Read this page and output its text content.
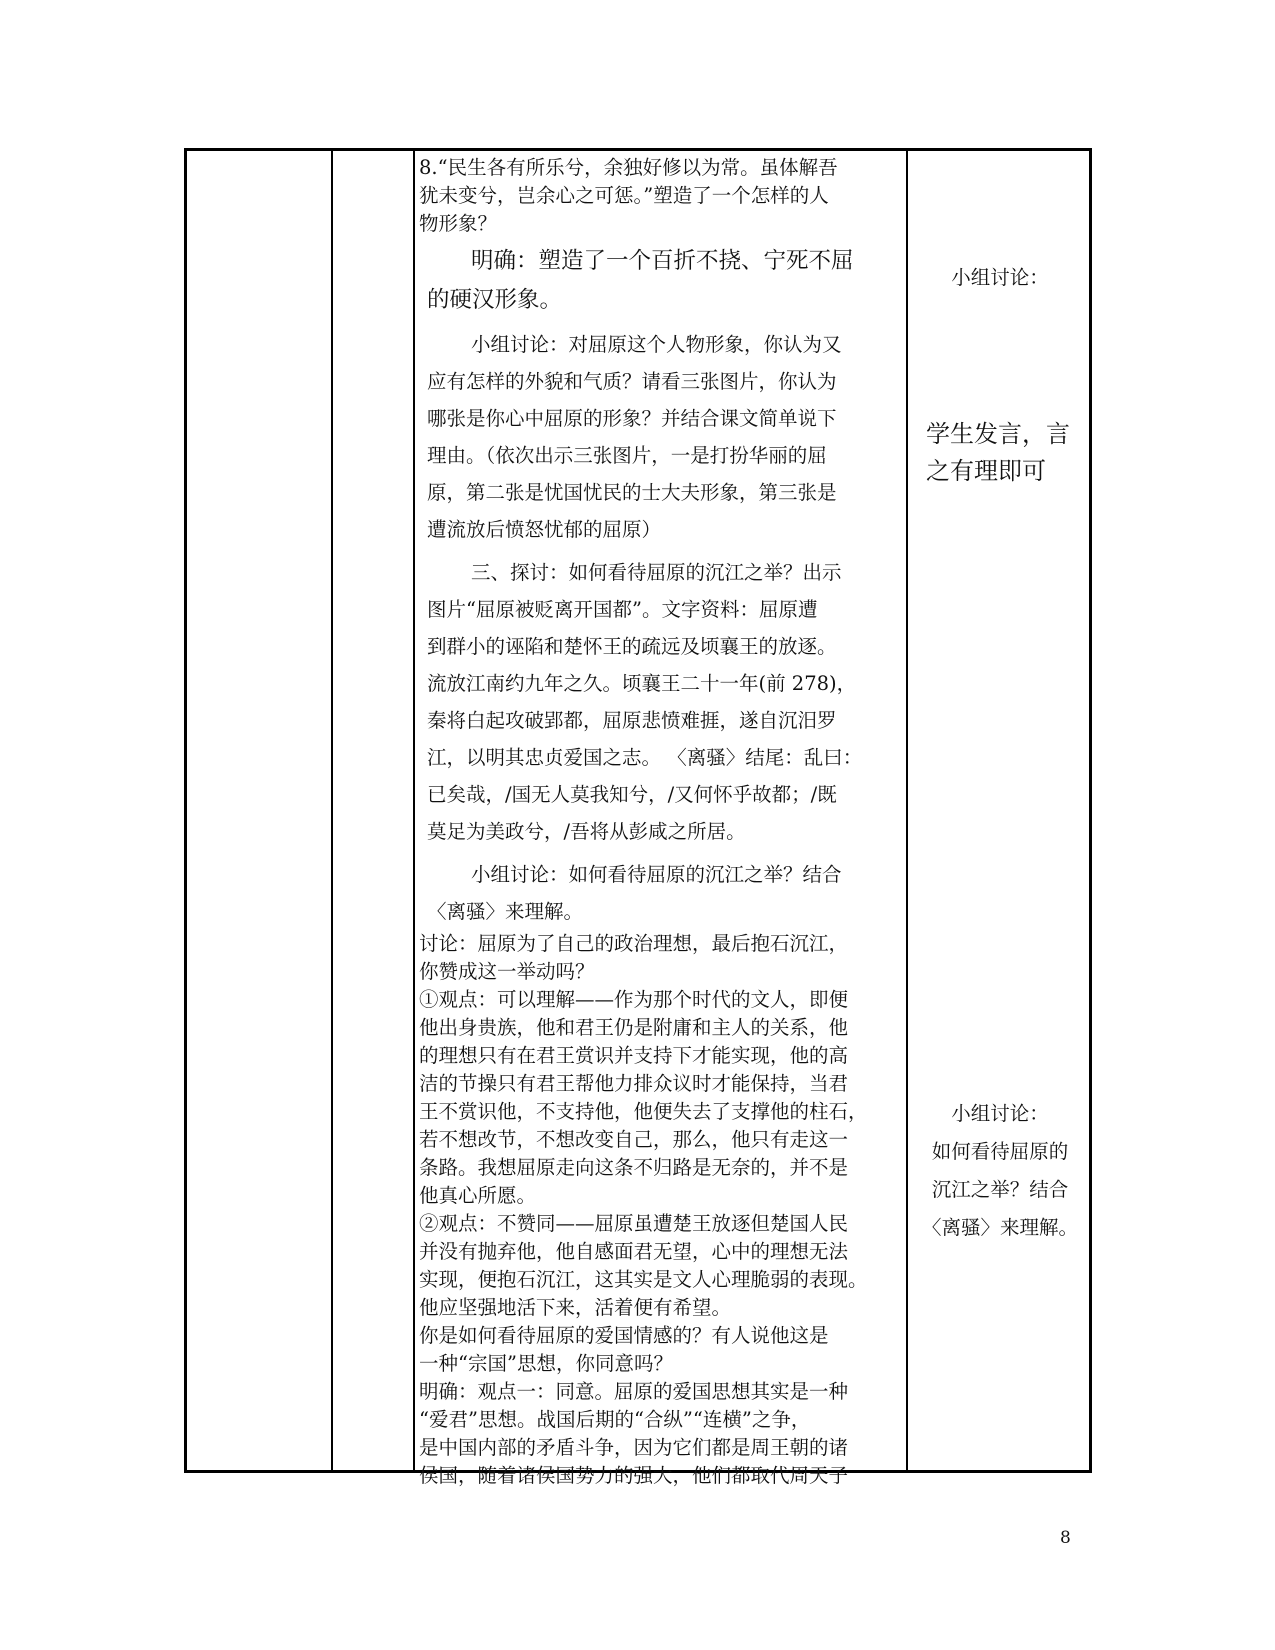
8.“民生各有所乐兮，余独好修以为常。虽体解吾

犹未变兮，岂余心之可惩。”塑造了一个怎样的人

物形象？

明确：塑造了一个百折不挠、宁死不屈

的硬汉形象。

小组讨论：对屈原这个人物形象，你认为又

应有怎样的外貌和气质？请看三张图片，你认为

哪张是你心中屈原的形象？并结合课文简单说下

理由。（依次出示三张图片，一是打扮华丽的屈

原，第二张是忧国忧民的士大夫形象，第三张是

遭流放后愤怒忧郁的屈原）

三、探讨：如何看待屈原的沉江之举？出示

图片“屈原被贬离开国都”。文字资料：屈原遭

到群小的诬陷和楚怀王的疏远及顷襄王的放逐。

流放江南约九年之久。顷襄王二十一年(前 278)，

秦将白起攻破郢都，屈原悲愤难捱，遂自沉汨罗

江，以明其忠贞爱国之志。 〈离骚〉结尾：乱曰：

已矣哉，/国无人莫我知兮，/又何怀乎故都；/既

莫足为美政兮，/吾将从彭咸之所居。

小组讨论：如何看待屈原的沉江之举？结合

〈离骚〉来理解。

讨论：屈原为了自己的政治理想，最后抱石沉江，

你赞成这一举动吗？

①观点：可以理解——作为那个时代的文人，即便

他出身贵族，他和君王仍是附庸和主人的关系，他

的理想只有在君王赏识并支持下才能实现，他的高

洁的节操只有君王帮他力排众议时才能保持，当君

王不赏识他，不支持他，他便失去了支撑他的柱石，

若不想改节，不想改变自己，那么，他只有走这一

条路。我想屈原走向这条不归路是无奈的，并不是

他真心所愿。

②观点：不赞同——屈原虽遭楚王放逐但楚国人民

并没有抛弃他，他自感面君无望，心中的理想无法

实现，便抱石沉江，这其实是文人心理脆弱的表现。

他应坚强地活下来，活着便有希望。

你是如何看待屈原的爱国情感的？有人说他这是

一种“宗国”思想，你同意吗？

明确：观点一：同意。屈原的爱国思想其实是一种

“爱君”思想。战国后期的“合纵”“连横”之争，

是中国内部的矛盾斗争，因为它们都是周王朝的诸

侯国，随着诸侯国势力的强大，他们都取代周天子

小组讨论：
学生发言，言
之有理即可
小组讨论：
如何看待屈原的
沉江之举？结合
〈离骚〉来理解。
8
